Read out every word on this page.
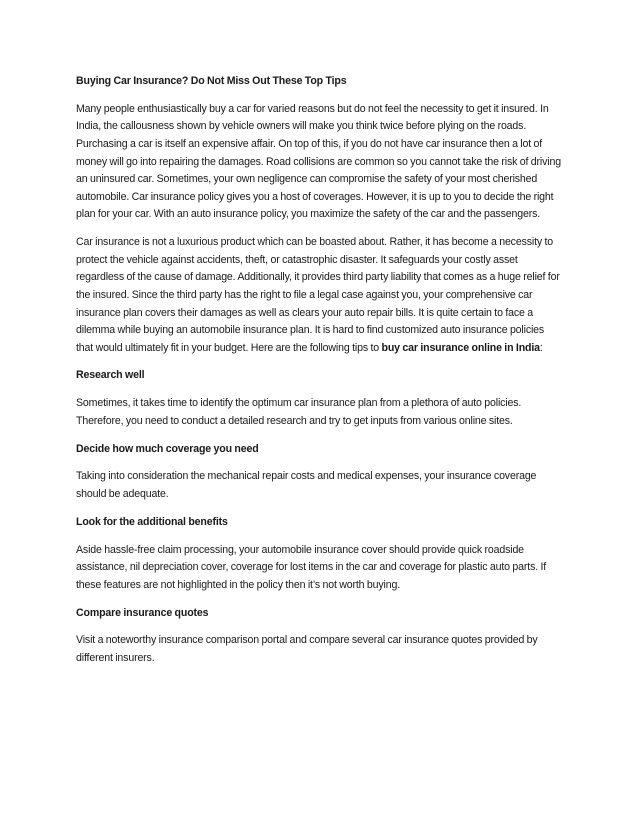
Buying Car Insurance? Do Not Miss Out These Top Tips

Many people enthusiastically buy a car for varied reasons but do not feel the necessity to get it insured. In India, the callousness shown by vehicle owners will make you think twice before plying on the roads. Purchasing a car is itself an expensive affair. On top of this, if you do not have car insurance then a lot of money will go into repairing the damages. Road collisions are common so you cannot take the risk of driving an uninsured car. Sometimes, your own negligence can compromise the safety of your most cherished automobile. Car insurance policy gives you a host of coverages. However, it is up to you to decide the right plan for your car. With an auto insurance policy, you maximize the safety of the car and the passengers.

Car insurance is not a luxurious product which can be boasted about. Rather, it has become a necessity to protect the vehicle against accidents, theft, or catastrophic disaster. It safeguards your costly asset regardless of the cause of damage. Additionally, it provides third party liability that comes as a huge relief for the insured. Since the third party has the right to file a legal case against you, your comprehensive car insurance plan covers their damages as well as clears your auto repair bills. It is quite certain to face a dilemma while buying an automobile insurance plan. It is hard to find customized auto insurance policies that would ultimately fit in your budget. Here are the following tips to buy car insurance online in India:

Research well

Sometimes, it takes time to identify the optimum car insurance plan from a plethora of auto policies. Therefore, you need to conduct a detailed research and try to get inputs from various online sites.

Decide how much coverage you need

Taking into consideration the mechanical repair costs and medical expenses, your insurance coverage should be adequate.

Look for the additional benefits

Aside hassle-free claim processing, your automobile insurance cover should provide quick roadside assistance, nil depreciation cover, coverage for lost items in the car and coverage for plastic auto parts. If these features are not highlighted in the policy then it’s not worth buying.

Compare insurance quotes

Visit a noteworthy insurance comparison portal and compare several car insurance quotes provided by different insurers.
